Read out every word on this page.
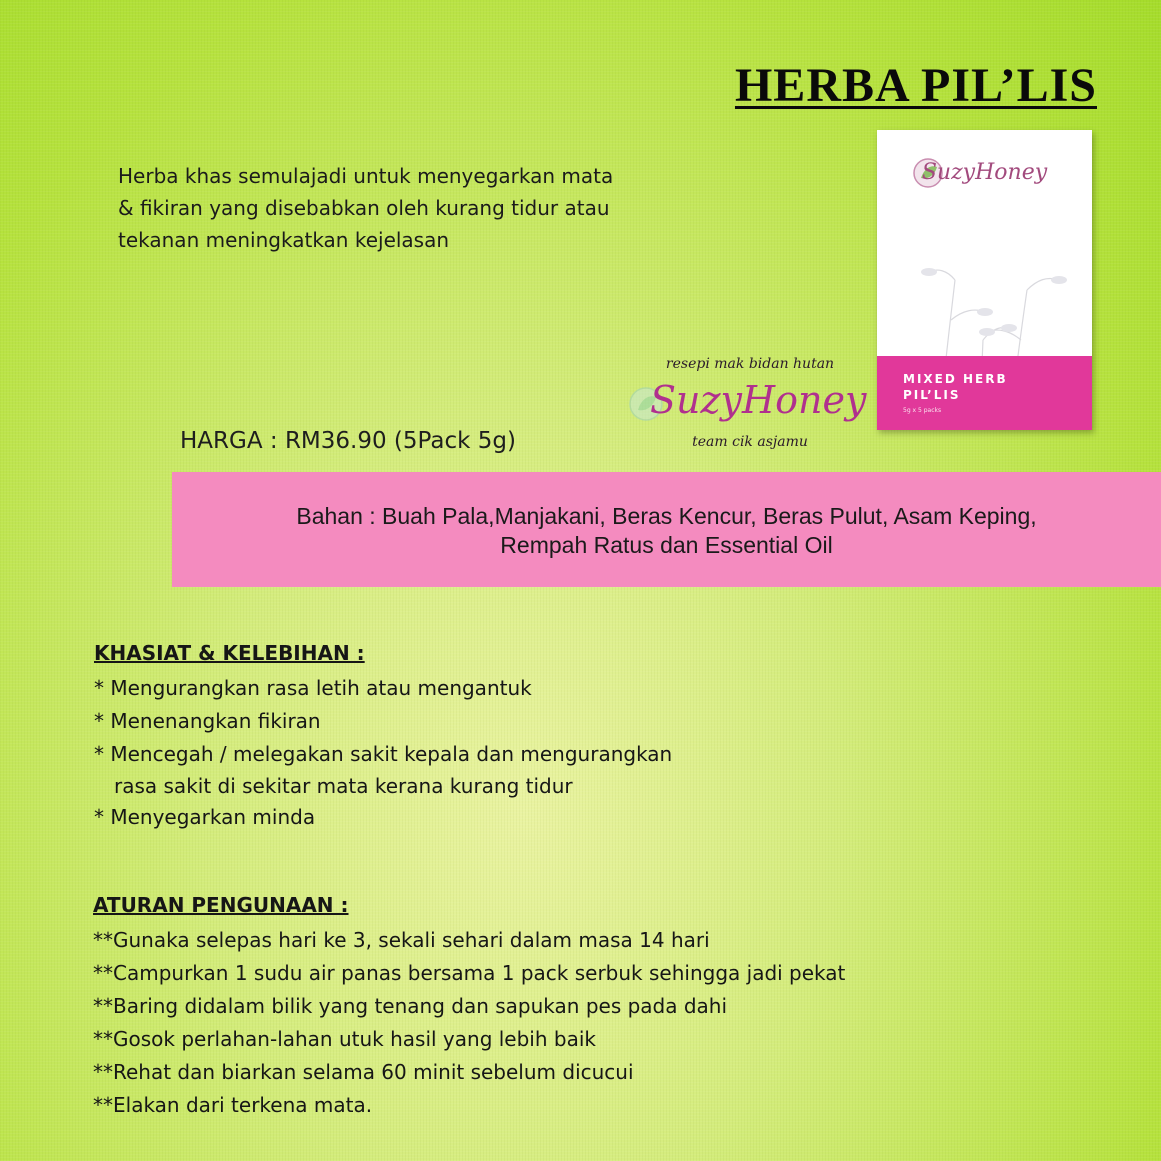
HERBA PIL’LIS
Herba khas semulajadi untuk menyegarkan mata
& fikiran yang disebabkan oleh kurang tidur atau
tekanan meningkatkan kejelasan
SuzyHoney
MIXED HERB
PIL’LIS
5g x 5 packs
resepi mak bidan hutan
SuzyHoney
team cik asjamu
HARGA : RM36.90 (5Pack 5g)
Bahan : Buah Pala,Manjakani, Beras Kencur, Beras Pulut, Asam Keping,
Rempah Ratus dan Essential Oil
KHASIAT & KELEBIHAN :
* Mengurangkan rasa letih atau mengantuk
* Menenangkan fikiran
* Mencegah / melegakan sakit kepala dan mengurangkan
rasa sakit di sekitar mata kerana kurang tidur
* Menyegarkan minda
ATURAN PENGUNAAN :
**Gunaka selepas hari ke 3, sekali sehari dalam masa 14 hari
**Campurkan 1 sudu air panas bersama 1 pack serbuk sehingga jadi pekat
**Baring didalam bilik yang tenang dan sapukan pes pada dahi
**Gosok perlahan-lahan utuk hasil yang lebih baik
**Rehat dan biarkan selama 60 minit sebelum dicucui
**Elakan dari terkena mata.
